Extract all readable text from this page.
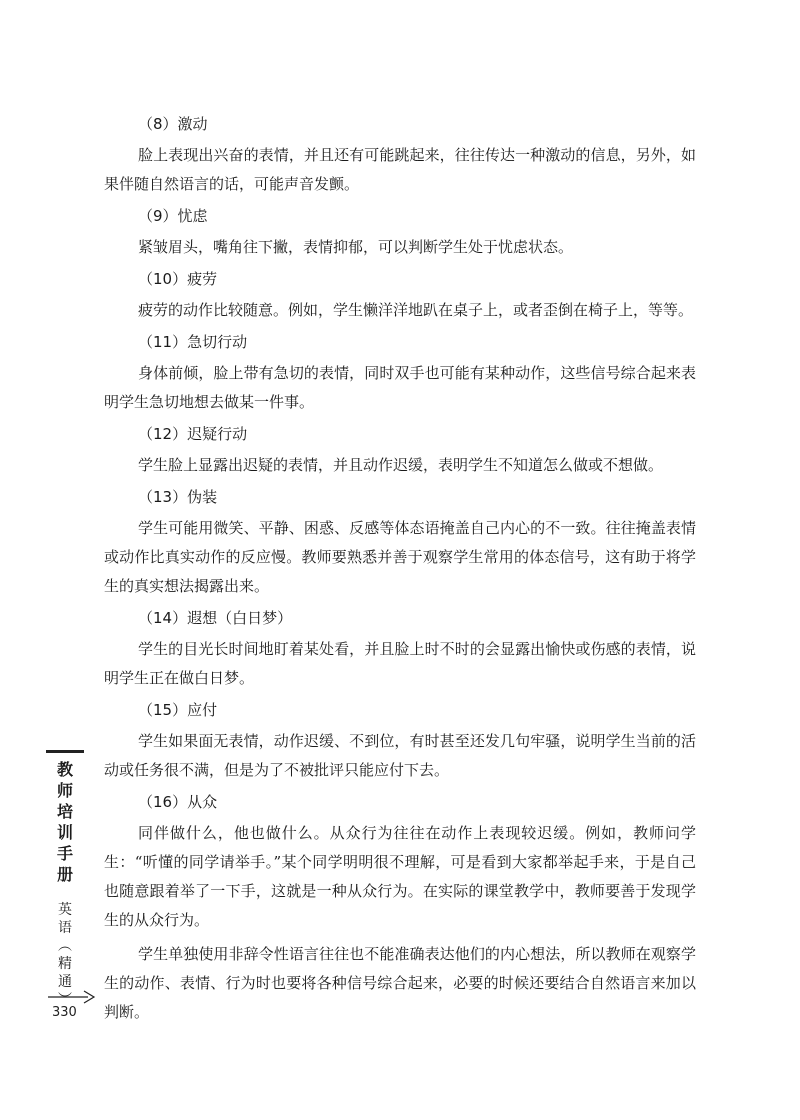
（8）激动

脸上表现出兴奋的表情，并且还有可能跳起来，往往传达一种激动的信息，另外，如果伴随自然语言的话，可能声音发颤。

（9）忧虑

紧皱眉头，嘴角往下撇，表情抑郁，可以判断学生处于忧虑状态。

（10）疲劳

疲劳的动作比较随意。例如，学生懒洋洋地趴在桌子上，或者歪倒在椅子上，等等。

（11）急切行动

身体前倾，脸上带有急切的表情，同时双手也可能有某种动作，这些信号综合起来表明学生急切地想去做某一件事。

（12）迟疑行动

学生脸上显露出迟疑的表情，并且动作迟缓，表明学生不知道怎么做或不想做。

（13）伪装

学生可能用微笑、平静、困惑、反感等体态语掩盖自己内心的不一致。往往掩盖表情或动作比真实动作的反应慢。教师要熟悉并善于观察学生常用的体态信号，这有助于将学生的真实想法揭露出来。

（14）遐想（白日梦）

学生的目光长时间地盯着某处看，并且脸上时不时的会显露出愉快或伤感的表情，说明学生正在做白日梦。

（15）应付

学生如果面无表情，动作迟缓、不到位，有时甚至还发几句牢骚，说明学生当前的活动或任务很不满，但是为了不被批评只能应付下去。

（16）从众

同伴做什么，他也做什么。从众行为往往在动作上表现较迟缓。例如，教师问学生：“听懂的同学请举手。”某个同学明明很不理解，可是看到大家都举起手来，于是自己也随意跟着举了一下手，这就是一种从众行为。在实际的课堂教学中，教师要善于发现学生的从众行为。

学生单独使用非辞令性语言往往也不能准确表达他们的内心想法，所以教师在观察学生的动作、表情、行为时也要将各种信号综合起来，必要的时候还要结合自然语言来加以判断。

教
师
培
训
手
册
英
语
︵
精
通
︶
330
